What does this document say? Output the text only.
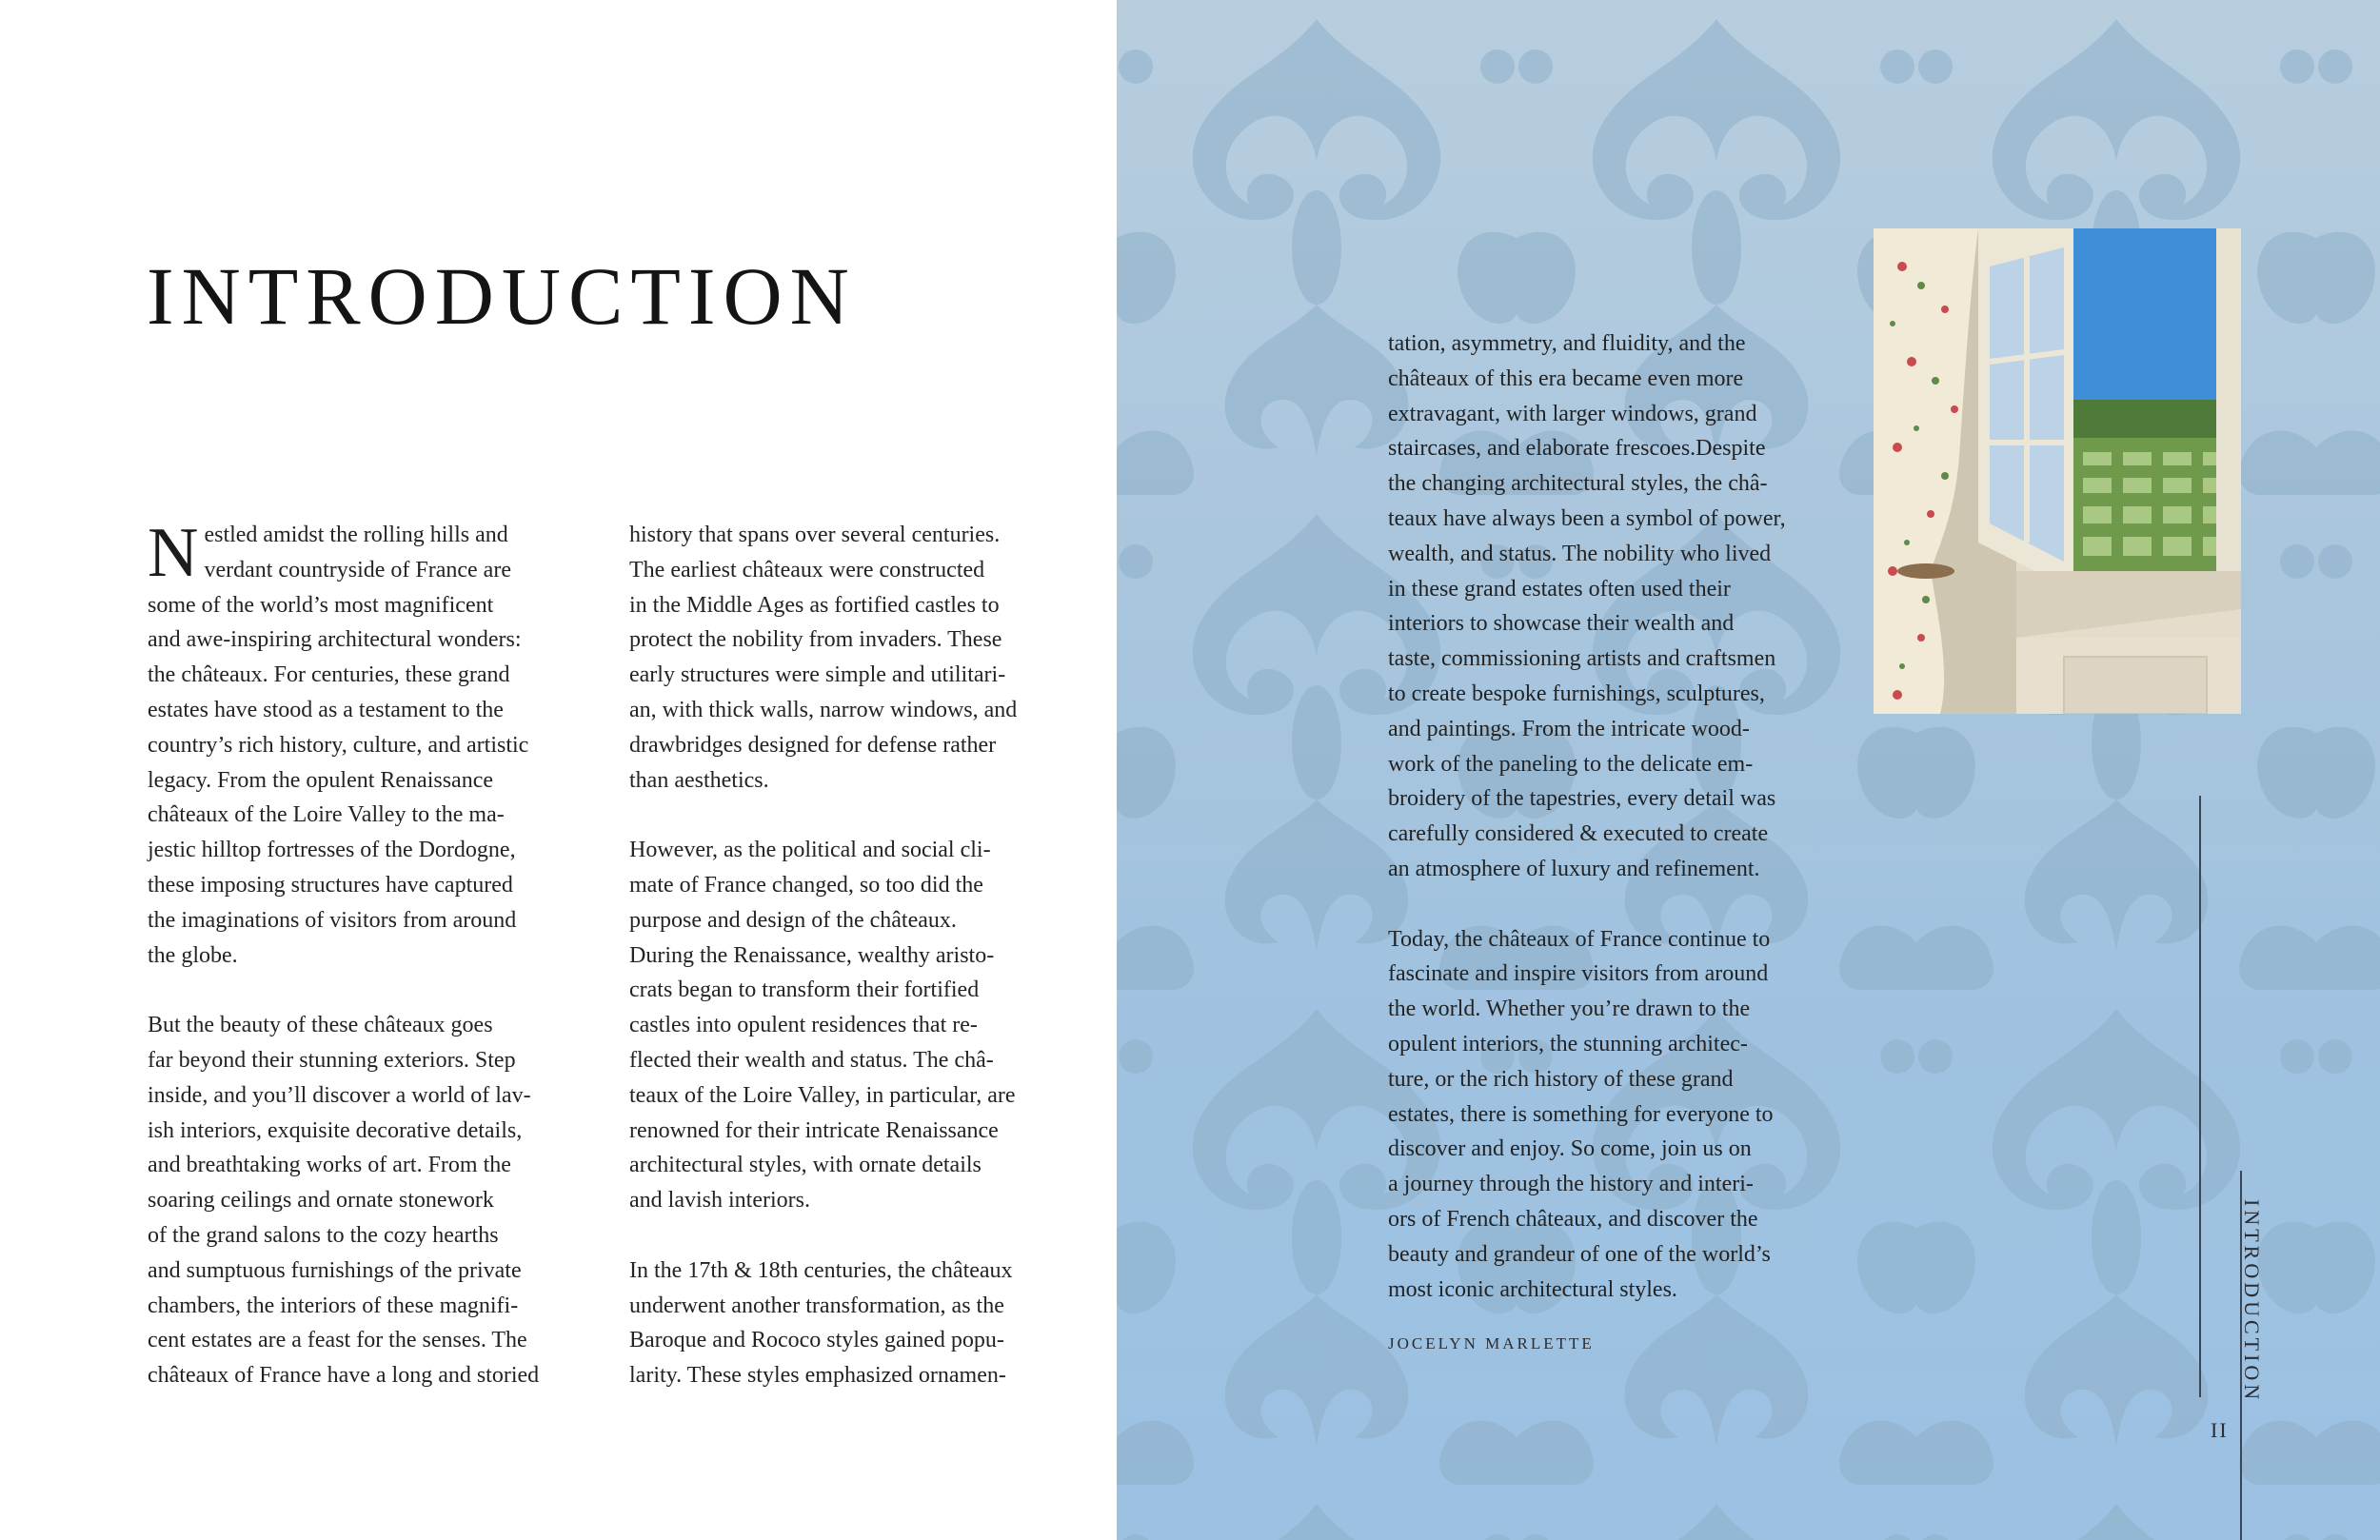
INTRODUCTION

Nestled amidst the rolling hills and
verdant countryside of France are
some of the world’s most magnificent
and awe-inspiring architectural wonders:
the châteaux. For centuries, these grand
estates have stood as a testament to the
country’s rich history, culture, and artistic
legacy. From the opulent Renaissance
châteaux of the Loire Valley to the ma-
jestic hilltop fortresses of the Dordogne,
these imposing structures have captured
the imaginations of visitors from around
the globe.

But the beauty of these châteaux goes
far beyond their stunning exteriors. Step
inside, and you’ll discover a world of lav-
ish interiors, exquisite decorative details,
and breathtaking works of art. From the
soaring ceilings and ornate stonework
of the grand salons to the cozy hearths
and sumptuous furnishings of the private
chambers, the interiors of these magnifi-
cent estates are a feast for the senses. The
châteaux of France have a long and storied

history that spans over several centuries.
The earliest châteaux were constructed
in the Middle Ages as fortified castles to
protect the nobility from invaders. These
early structures were simple and utilitari-
an, with thick walls, narrow windows, and
drawbridges designed for defense rather
than aesthetics.

However, as the political and social cli-
mate of France changed, so too did the
purpose and design of the châteaux.
During the Renaissance, wealthy aristo-
crats began to transform their fortified
castles into opulent residences that re-
flected their wealth and status. The châ-
teaux of the Loire Valley, in particular, are
renowned for their intricate Renaissance
architectural styles, with ornate details
and lavish interiors.

In the 17th & 18th centuries, the châteaux
underwent another transformation, as the
Baroque and Rococo styles gained popu-
larity. These styles emphasized ornamen-

tation, asymmetry, and fluidity, and the
châteaux of this era became even more
extravagant, with larger windows, grand
staircases, and elaborate frescoes.Despite
the changing architectural styles, the châ-
teaux have always been a symbol of power,
wealth, and status. The nobility who lived
in these grand estates often used their
interiors to showcase their wealth and
taste, commissioning artists and craftsmen
to create bespoke furnishings, sculptures,
and paintings. From the intricate wood-
work of the paneling to the delicate em-
broidery of the tapestries, every detail was
carefully considered & executed to create
an atmosphere of luxury and refinement.

Today, the châteaux of France continue to
fascinate and inspire visitors from around
the world. Whether you’re drawn to the
opulent interiors, the stunning architec-
ture, or the rich history of these grand
estates, there is something for everyone to
discover and enjoy. So come, join us on
a journey through the history and interi-
ors of French châteaux, and discover the
beauty and grandeur of one of the world’s
most iconic architectural styles.

JOCELYN MARLETTE	INTRODUCTION

II
